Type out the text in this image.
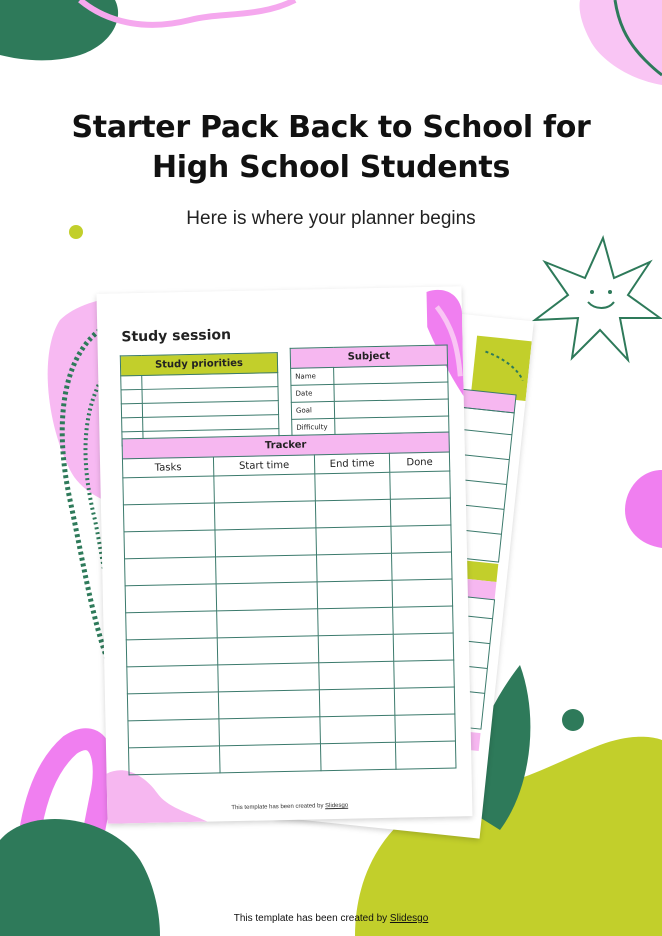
Study session
Study priorities	

Subject	
Name	
Date	
Goal	
Difficulty	
Tracker			
Tasks	Start time	End time	Done

This template has been created by Slidesgo
Starter Pack Back to School for
High School Students
Here is where your planner begins
This template has been created by Slidesgo
